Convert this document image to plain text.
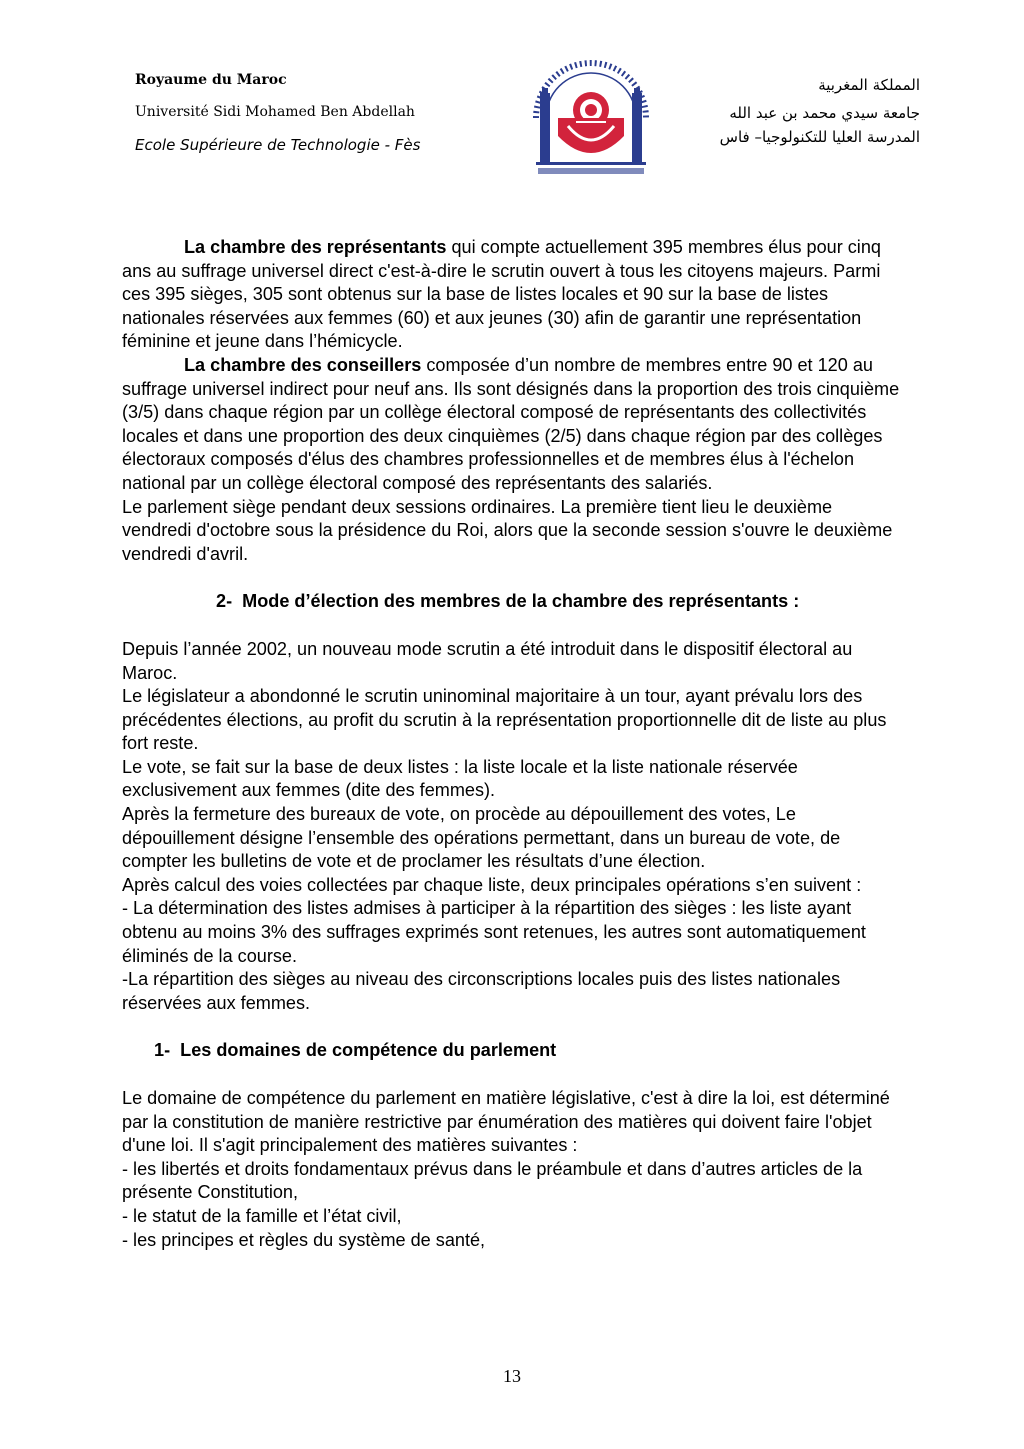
Royaume du Maroc
Université Sidi Mohamed Ben Abdellah
Ecole Supérieure de Technologie - Fès
المملكة المغربية
جامعة سيدي محمد بن عبد الله
المدرسة العليا للتكنولوجيا– فاس

La chambre des représentants qui compte actuellement 395 membres élus pour cinq ans au suffrage universel direct c'est-à-dire le scrutin ouvert à tous les citoyens majeurs. Parmi ces 395 sièges, 305 sont obtenus sur la base de listes locales et 90 sur la base de listes nationales réservées aux femmes (60) et aux jeunes (30) afin de garantir une représentation féminine et jeune dans l’hémicycle.

La chambre des conseillers composée d’un nombre de membres entre 90 et 120 au suffrage universel indirect pour neuf ans. Ils sont désignés dans la proportion des trois cinquième (3/5) dans chaque région par un collège électoral composé de représentants des collectivités locales et dans une proportion des deux cinquièmes (2/5) dans chaque région par des collèges électoraux composés d'élus des chambres professionnelles et de membres élus à l'échelon national par un collège électoral composé des représentants des salariés.

Le parlement siège pendant deux sessions ordinaires. La première tient lieu le deuxième vendredi d'octobre sous la présidence du Roi, alors que la seconde session s'ouvre le deuxième vendredi d'avril.

2- Mode d’élection des membres de la chambre des représentants :

Depuis l’année 2002, un nouveau mode scrutin a été introduit dans le dispositif électoral au Maroc.

Le législateur a abondonné le scrutin uninominal majoritaire à un tour, ayant prévalu lors des précédentes élections, au profit du scrutin à la représentation proportionnelle dit de liste au plus fort reste.

Le vote, se fait sur la base de deux listes : la liste locale et la liste nationale réservée exclusivement aux femmes (dite des femmes).

Après la fermeture des bureaux de vote, on procède au dépouillement des votes, Le dépouillement désigne l’ensemble des opérations permettant, dans un bureau de vote, de compter les bulletins de vote et de proclamer les résultats d’une élection.

Après calcul des voies collectées par chaque liste, deux principales opérations s’en suivent :

- La détermination des listes admises à participer à la répartition des sièges : les liste ayant obtenu au moins 3% des suffrages exprimés sont retenues, les autres sont automatiquement éliminés de la course.

-La répartition des sièges au niveau des circonscriptions locales puis des listes nationales réservées aux femmes.

1- Les domaines de compétence du parlement

Le domaine de compétence du parlement en matière législative, c'est à dire la loi, est déterminé par la constitution de manière restrictive par énumération des matières qui doivent faire l'objet d'une loi. Il s'agit principalement des matières suivantes :

- les libertés et droits fondamentaux prévus dans le préambule et dans d’autres articles de la présente Constitution,

- le statut de la famille et l’état civil,

- les principes et règles du système de santé,

13
